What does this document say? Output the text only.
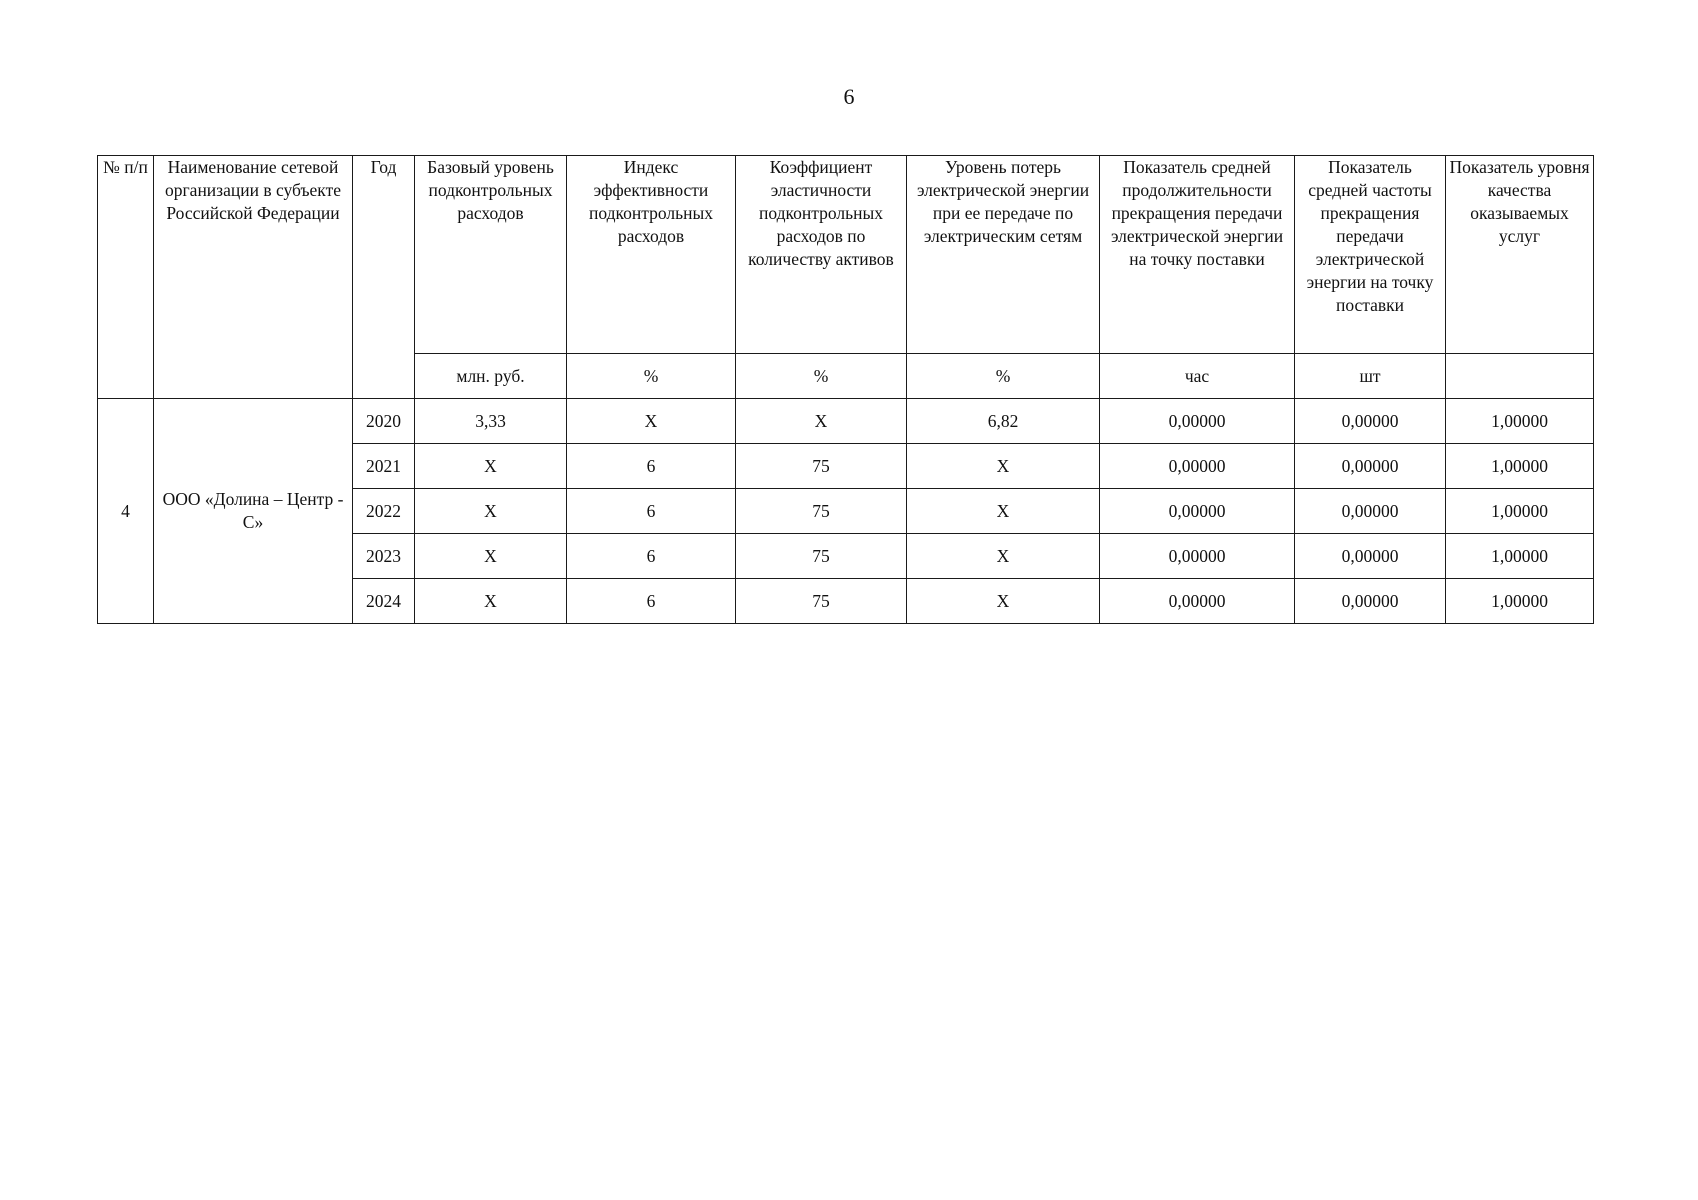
6
№ п/п	Наименование сетевой организации в субъекте Российской Федерации	Год	Базовый уровень подконтрольных расходов	Индекс эффективности подконтрольных расходов	Коэффициент эластичности подконтрольных расходов по количеству активов	Уровень потерь электрической энергии при ее передаче по электрическим сетям	Показатель средней продолжительности прекращения передачи электрической энергии на точку поставки	Показатель средней частоты прекращения передачи электрической энергии на точку поставки	Показатель уровня качества оказываемых услуг
			млн. руб.	%	%	%	час	шт	
4	ООО «Долина – Центр - С»	2020	3,33	Х	Х	6,82	0,00000	0,00000	1,00000
		2021	Х	6	75	Х	0,00000	0,00000	1,00000
		2022	Х	6	75	Х	0,00000	0,00000	1,00000
		2023	Х	6	75	Х	0,00000	0,00000	1,00000
		2024	Х	6	75	Х	0,00000	0,00000	1,00000
